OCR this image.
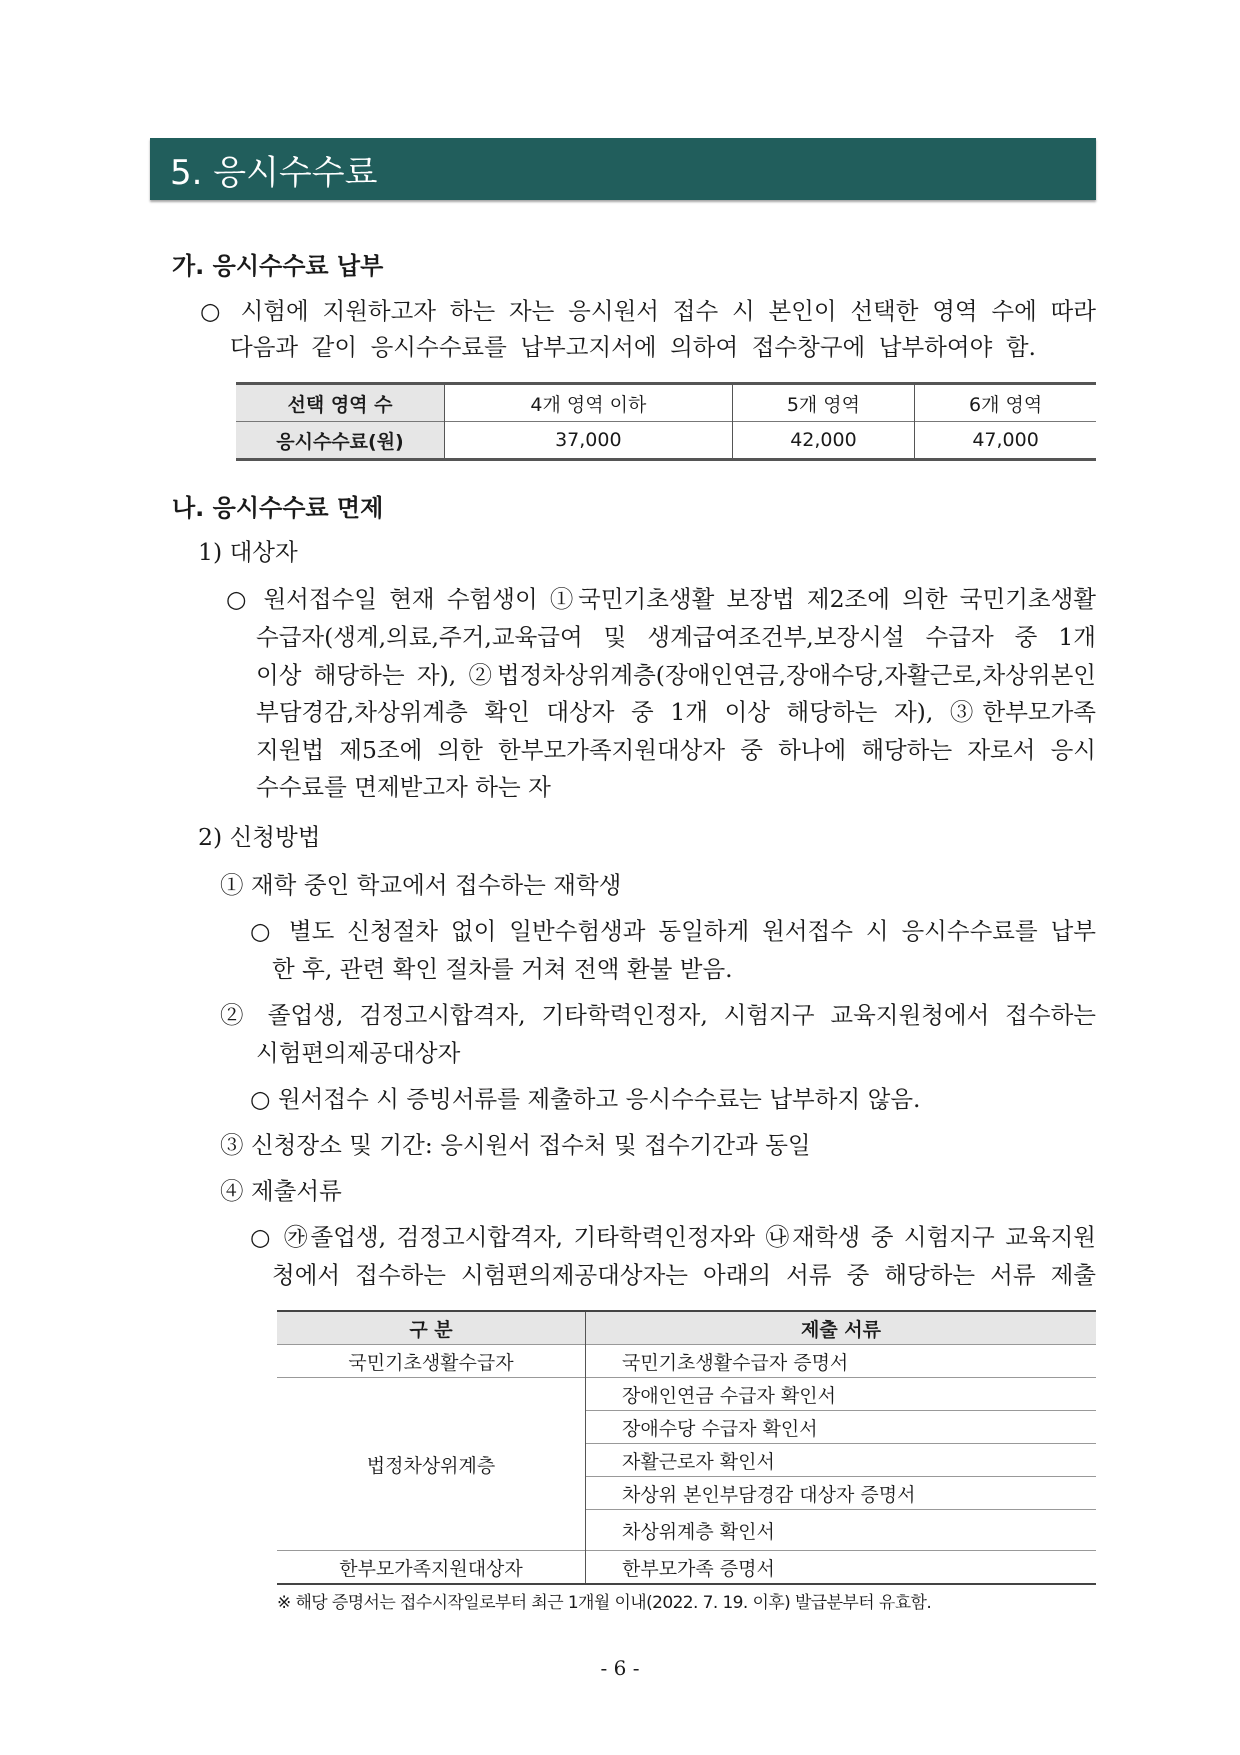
5. 응시수수료
가. 응시수수료 납부
○ 시험에 지원하고자 하는 자는 응시원서 접수 시 본인이 선택한 영역 수에 따라
다음과 같이 응시수수료를 납부고지서에 의하여 접수창구에 납부하여야 함.
선택 영역 수	4개 영역 이하	5개 영역	6개 영역
응시수수료(원)	37,000	42,000	47,000
나. 응시수수료 면제
1) 대상자
○ 원서접수일 현재 수험생이 ①국민기초생활 보장법 제2조에 의한 국민기초생활
수급자(생계,의료,주거,교육급여 및 생계급여조건부,보장시설 수급자 중 1개
이상 해당하는 자), ②법정차상위계층(장애인연금,장애수당,자활근로,차상위본인
부담경감,차상위계층 확인 대상자 중 1개 이상 해당하는 자), ③한부모가족
지원법 제5조에 의한 한부모가족지원대상자 중 하나에 해당하는 자로서 응시
수수료를 면제받고자 하는 자
2) 신청방법
① 재학 중인 학교에서 접수하는 재학생
○ 별도 신청절차 없이 일반수험생과 동일하게 원서접수 시 응시수수료를 납부
한 후, 관련 확인 절차를 거쳐 전액 환불 받음.
② 졸업생, 검정고시합격자, 기타학력인정자, 시험지구 교육지원청에서 접수하는
시험편의제공대상자
○ 원서접수 시 증빙서류를 제출하고 응시수수료는 납부하지 않음.
③ 신청장소 및 기간: 응시원서 접수처 및 접수기간과 동일
④ 제출서류
○ ㉮졸업생, 검정고시합격자, 기타학력인정자와 ㉯재학생 중 시험지구 교육지원
청에서 접수하는 시험편의제공대상자는 아래의 서류 중 해당하는 서류 제출
구 분	제출 서류
국민기초생활수급자	국민기초생활수급자 증명서
법정차상위계층	장애인연금 수급자 확인서
	장애수당 수급자 확인서
	자활근로자 확인서
	차상위 본인부담경감 대상자 증명서
	차상위계층 확인서
한부모가족지원대상자	한부모가족 증명서
※ 해당 증명서는 접수시작일로부터 최근 1개월 이내(2022. 7. 19. 이후) 발급분부터 유효함.
- 6 -
